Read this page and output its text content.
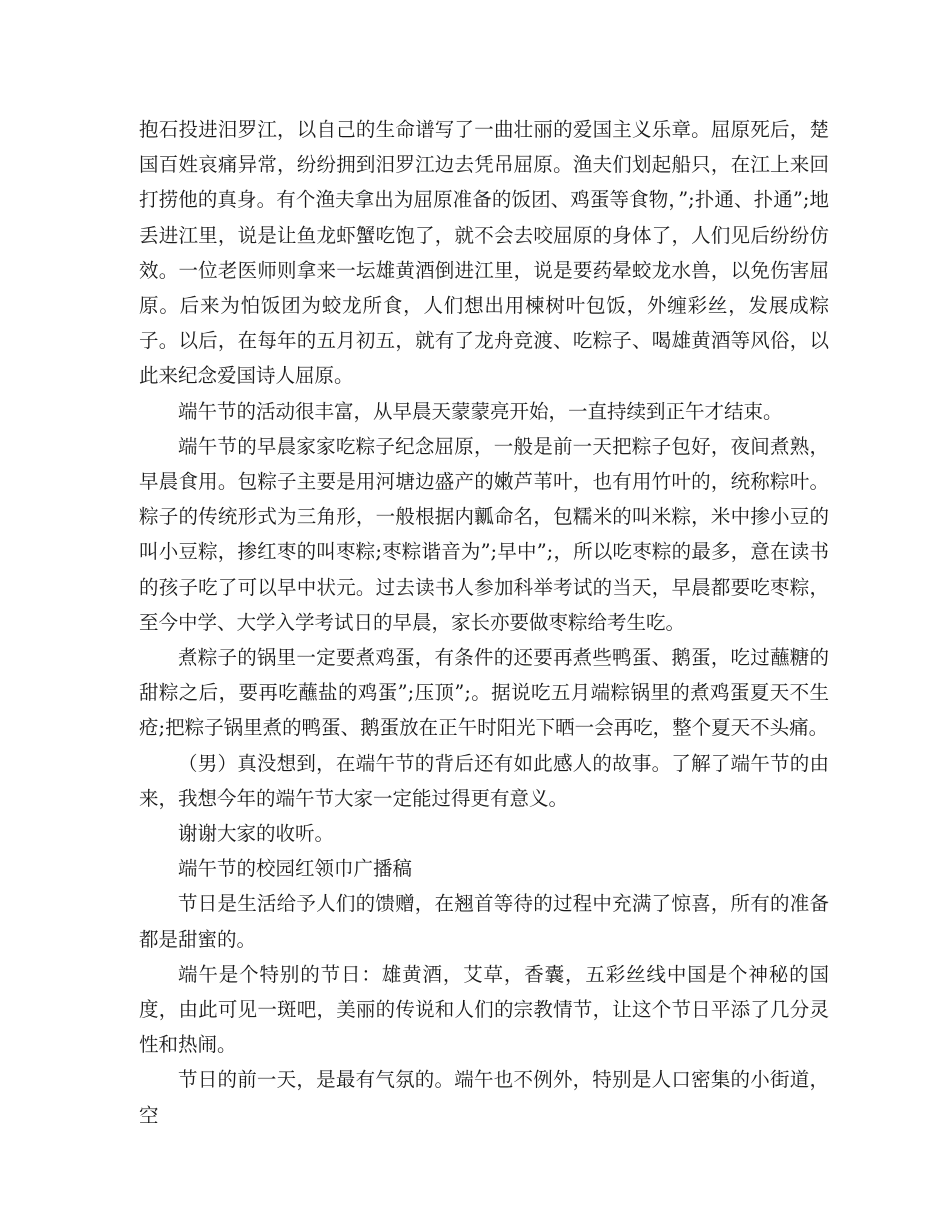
抱石投进汨罗江，以自己的生命谱写了一曲壮丽的爱国主义乐章。屈原死后，楚国百姓哀痛异常，纷纷拥到汨罗江边去凭吊屈原。渔夫们划起船只，在江上来回打捞他的真身。有个渔夫拿出为屈原准备的饭团、鸡蛋等食物，”;扑通、扑通”;地丢进江里，说是让鱼龙虾蟹吃饱了，就不会去咬屈原的身体了，人们见后纷纷仿效。一位老医师则拿来一坛雄黄酒倒进江里，说是要药晕蛟龙水兽，以免伤害屈原。后来为怕饭团为蛟龙所食，人们想出用楝树叶包饭，外缠彩丝，发展成粽子。以后，在每年的五月初五，就有了龙舟竞渡、吃粽子、喝雄黄酒等风俗，以此来纪念爱国诗人屈原。

端午节的活动很丰富，从早晨天蒙蒙亮开始，一直持续到正午才结束。

端午节的早晨家家吃粽子纪念屈原，一般是前一天把粽子包好，夜间煮熟，早晨食用。包粽子主要是用河塘边盛产的嫩芦苇叶，也有用竹叶的，统称粽叶。粽子的传统形式为三角形，一般根据内瓤命名，包糯米的叫米粽，米中掺小豆的叫小豆粽，掺红枣的叫枣粽;枣粽谐音为”;早中”;，所以吃枣粽的最多，意在读书的孩子吃了可以早中状元。过去读书人参加科举考试的当天，早晨都要吃枣粽，至今中学、大学入学考试日的早晨，家长亦要做枣粽给考生吃。

煮粽子的锅里一定要煮鸡蛋，有条件的还要再煮些鸭蛋、鹅蛋，吃过蘸糖的甜粽之后，要再吃蘸盐的鸡蛋”;压顶”;。据说吃五月端粽锅里的煮鸡蛋夏天不生疮;把粽子锅里煮的鸭蛋、鹅蛋放在正午时阳光下晒一会再吃，整个夏天不头痛。

（男）真没想到，在端午节的背后还有如此感人的故事。了解了端午节的由来，我想今年的端午节大家一定能过得更有意义。

谢谢大家的收听。

端午节的校园红领巾广播稿

节日是生活给予人们的馈赠，在翘首等待的过程中充满了惊喜，所有的准备都是甜蜜的。

端午是个特别的节日：雄黄酒，艾草，香囊，五彩丝线中国是个神秘的国度，由此可见一斑吧，美丽的传说和人们的宗教情节，让这个节日平添了几分灵性和热闹。

节日的前一天，是最有气氛的。端午也不例外，特别是人口密集的小街道，空
